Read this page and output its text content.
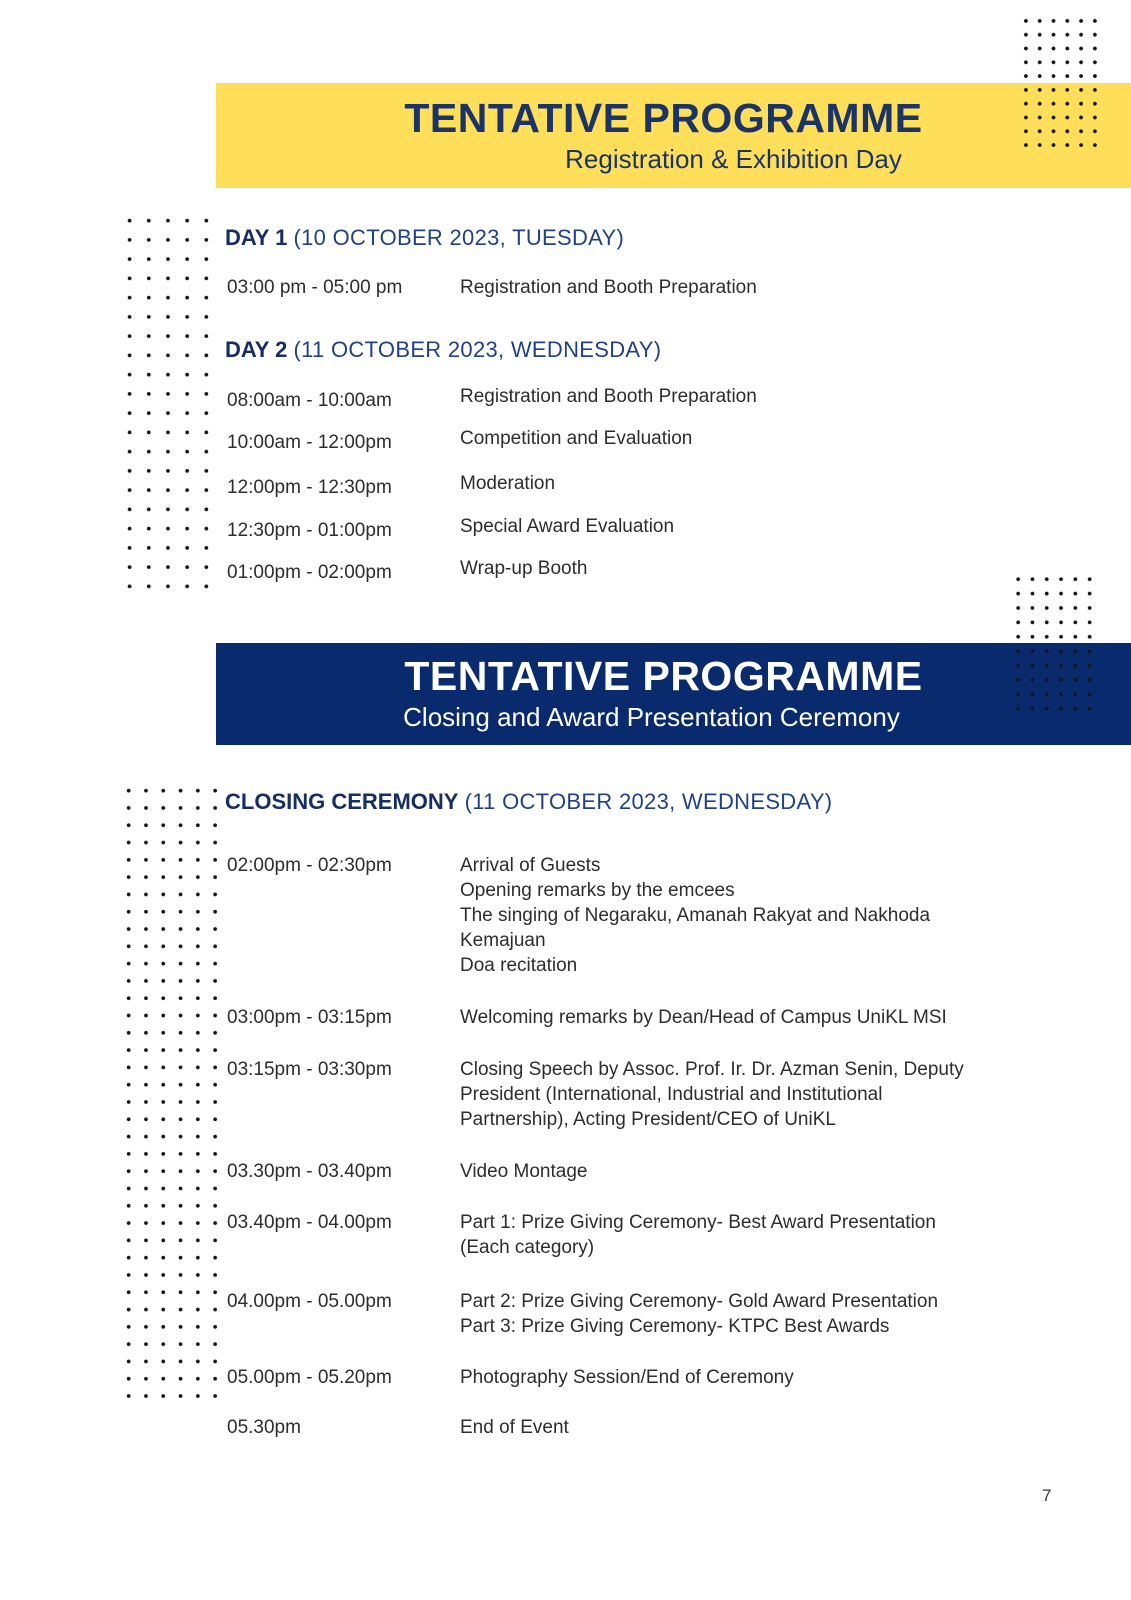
TENTATIVE PROGRAMME
Registration & Exhibition Day
TENTATIVE PROGRAMME
Closing and Award Presentation Ceremony
DAY 1 (10 OCTOBER 2023, TUESDAY)
03:00 pm - 05:00 pm	Registration and Booth Preparation
DAY 2 (11 OCTOBER 2023, WEDNESDAY)
08:00am - 10:00am	Registration and Booth Preparation
10:00am - 12:00pm	Competition and Evaluation
12:00pm - 12:30pm	Moderation
12:30pm - 01:00pm	Special Award Evaluation
01:00pm - 02:00pm	Wrap-up Booth
CLOSING CEREMONY (11 OCTOBER 2023, WEDNESDAY)
02:00pm - 02:30pm	Arrival of Guests
Opening remarks by the emcees
The singing of Negaraku, Amanah Rakyat and Nakhoda Kemajuan
Doa recitation
03:00pm - 03:15pm	Welcoming remarks by Dean/Head of Campus UniKL MSI
03:15pm - 03:30pm	Closing Speech by Assoc. Prof. Ir. Dr. Azman Senin, Deputy President (International, Industrial and Institutional Partnership), Acting President/CEO of UniKL
03.30pm - 03.40pm	Video Montage
03.40pm - 04.00pm	Part 1: Prize Giving Ceremony- Best Award Presentation (Each category)
04.00pm - 05.00pm	Part 2: Prize Giving Ceremony- Gold Award Presentation
Part 3: Prize Giving Ceremony- KTPC Best Awards
05.00pm - 05.20pm	Photography Session/End of Ceremony
05.30pm	End of Event
7
